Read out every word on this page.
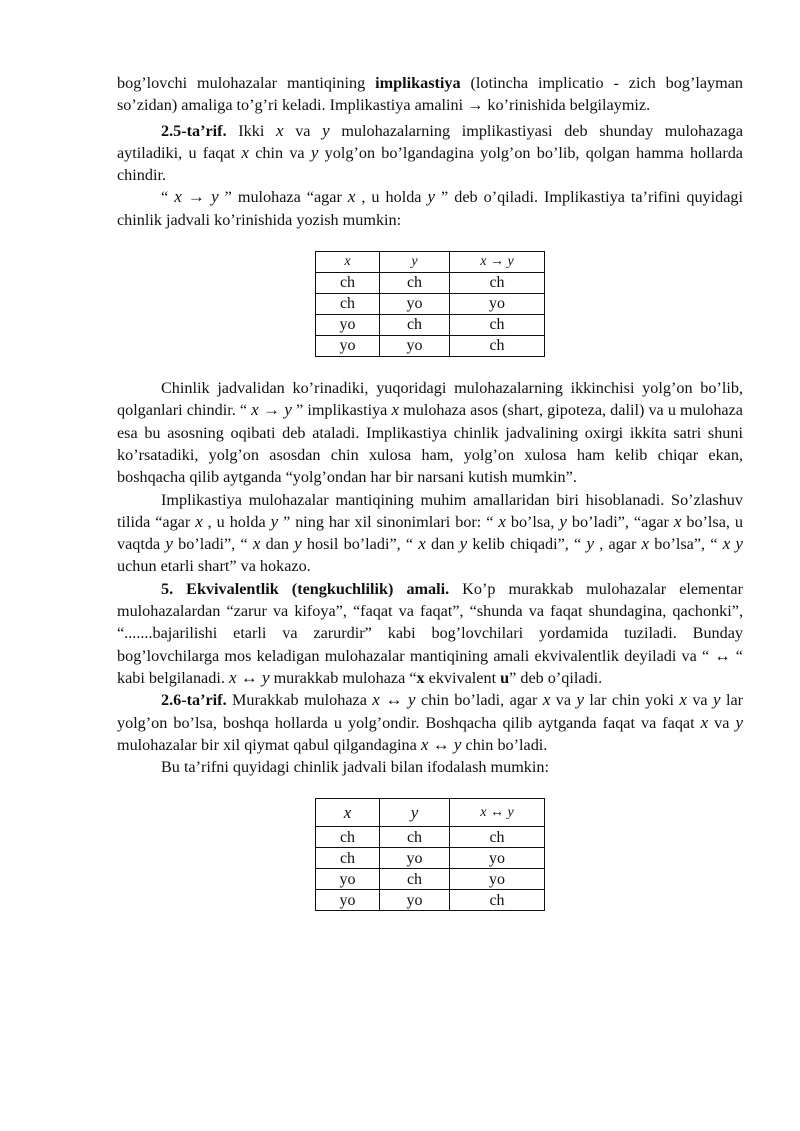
bog’lovchi mulohazalar mantiqining implikastiya (lotincha implicatio - zich bog’layman so’zidan) amaliga to’g’ri keladi. Implikastiya amalini → ko’rinishida belgilaymiz.

2.5-ta’rif. Ikki x va y mulohazalarning implikastiyasi deb shunday mulohazaga aytiladiki, u faqat x chin va y yolg’on bo’lgandagina yolg’on bo’lib, qolgan hamma hollarda chindir.

“ x → y ” mulohaza “agar x , u holda y ” deb o’qiladi. Implikastiya ta’rifini quyidagi chinlik jadvali ko’rinishida yozish mumkin:

x	y	x → y
ch	ch	ch
ch	yo	yo
yo	ch	ch
yo	yo	ch

Chinlik jadvalidan ko’rinadiki, yuqoridagi mulohazalarning ikkinchisi yolg’on bo’lib, qolganlari chindir. “ x → y ” implikastiya x mulohaza asos (shart, gipoteza, dalil) va u mulohaza esa bu asosning oqibati deb ataladi. Implikastiya chinlik jadvalining oxirgi ikkita satri shuni ko’rsatadiki, yolg’on asosdan chin xulosa ham, yolg’on xulosa ham kelib chiqar ekan, boshqacha qilib aytganda “yolg’ondan har bir narsani kutish mumkin”.

Implikastiya mulohazalar mantiqining muhim amallaridan biri hisoblanadi. So’zlashuv tilida “agar x , u holda y ” ning har xil sinonimlari bor: “ x bo’lsa, y bo’ladi”, “agar x bo’lsa, u vaqtda y bo’ladi”, “ x dan y hosil bo’ladi”, “ x dan y kelib chiqadi”, “ y , agar x bo’lsa”, “ x y uchun etarli shart” va hokazo.

5. Ekvivalentlik (tengkuchlilik) amali. Ko’p murakkab mulohazalar elementar mulohazalardan “zarur va kifoya”, “faqat va faqat”, “shunda va faqat shundagina, qachonki”, “.......bajarilishi etarli va zarurdir” kabi bog’lovchilari yordamida tuziladi. Bunday bog’lovchilarga mos keladigan mulohazalar mantiqining amali ekvivalentlik deyiladi va “ ↔ “ kabi belgilanadi. x ↔ y murakkab mulohaza “x ekvivalent u” deb o’qiladi.

2.6-ta’rif. Murakkab mulohaza x ↔ y chin bo’ladi, agar x va y lar chin yoki x va y lar yolg’on bo’lsa, boshqa hollarda u yolg’ondir. Boshqacha qilib aytganda faqat va faqat x va y mulohazalar bir xil qiymat qabul qilgandagina x ↔ y chin bo’ladi.

Bu ta’rifni quyidagi chinlik jadvali bilan ifodalash mumkin:

x	y	x ↔ y
ch	ch	ch
ch	yo	yo
yo	ch	yo
yo	yo	ch
